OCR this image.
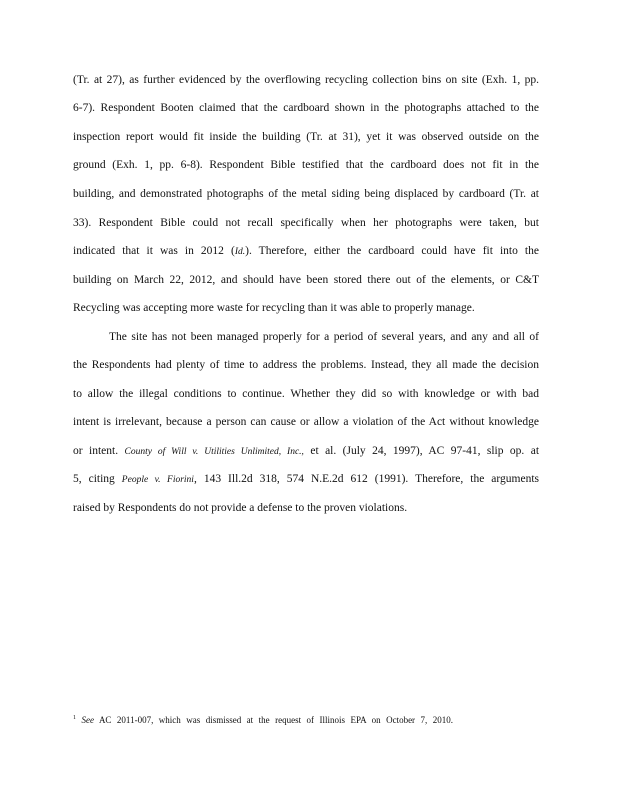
(Tr. at 27), as further evidenced by the overflowing recycling collection bins on site (Exh. 1, pp.
6-7). Respondent Booten claimed that the cardboard shown in the photographs attached to the
inspection report would fit inside the building (Tr. at 31), yet it was observed outside on the
ground (Exh. 1, pp. 6-8). Respondent Bible testified that the cardboard does not fit in the
building, and demonstrated photographs of the metal siding being displaced by cardboard (Tr. at
33). Respondent Bible could not recall specifically when her photographs were taken, but
indicated that it was in 2012 (Id.). Therefore, either the cardboard could have fit into the
building on March 22, 2012, and should have been stored there out of the elements, or C&T
Recycling was accepting more waste for recycling than it was able to properly manage.
The site has not been managed properly for a period of several years, and any and all of
the Respondents had plenty of time to address the problems. Instead, they all made the decision
to allow the illegal conditions to continue. Whether they did so with knowledge or with bad
intent is irrelevant, because a person can cause or allow a violation of the Act without knowledge
or intent. County of Will v. Utilities Unlimited, Inc., et al. (July 24, 1997), AC 97-41, slip op. at
5, citing People v. Fiorini, 143 Ill.2d 318, 574 N.E.2d 612 (1991). Therefore, the arguments
raised by Respondents do not provide a defense to the proven violations.
$^1$ See AC 2011-007, which was dismissed at the request of Illinois EPA on October 7, 2010.
